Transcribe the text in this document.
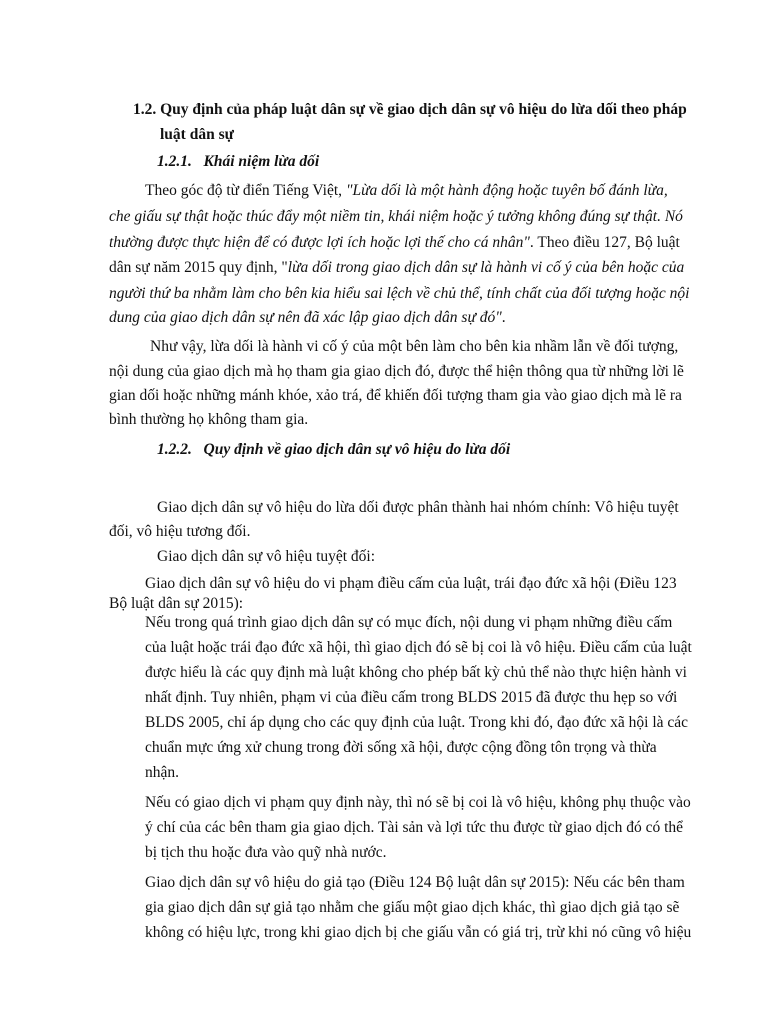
1.2. Quy định của pháp luật dân sự về giao dịch dân sự vô hiệu do lừa dối theo pháp
luật dân sự
1.2.1. Khái niệm lừa dối
Theo góc độ từ điển Tiếng Việt, "Lừa dối là một hành động hoặc tuyên bố đánh lừa,
che giấu sự thật hoặc thúc đẩy một niềm tin, khái niệm hoặc ý tưởng không đúng sự thật. Nó
thường được thực hiện để có được lợi ích hoặc lợi thế cho cá nhân". Theo điều 127, Bộ luật
dân sự năm 2015 quy định, "lừa dối trong giao dịch dân sự là hành vi cố ý của bên hoặc của
người thứ ba nhằm làm cho bên kia hiểu sai lệch về chủ thể, tính chất của đối tượng hoặc nội
dung của giao dịch dân sự nên đã xác lập giao dịch dân sự đó".
Như vậy, lừa dối là hành vi cố ý của một bên làm cho bên kia nhầm lẫn về đối tượng,
nội dung của giao dịch mà họ tham gia giao dịch đó, được thể hiện thông qua từ những lời lẽ
gian dối hoặc những mánh khóe, xảo trá, để khiến đối tượng tham gia vào giao dịch mà lẽ ra
bình thường họ không tham gia.
1.2.2. Quy định về giao dịch dân sự vô hiệu do lừa dối
Giao dịch dân sự vô hiệu do lừa dối được phân thành hai nhóm chính: Vô hiệu tuyệt
đối, vô hiệu tương đối.
Giao dịch dân sự vô hiệu tuyệt đối:
Giao dịch dân sự vô hiệu do vi phạm điều cấm của luật, trái đạo đức xã hội (Điều 123
Bộ luật dân sự 2015):
Nếu trong quá trình giao dịch dân sự có mục đích, nội dung vi phạm những điều cấm
của luật hoặc trái đạo đức xã hội, thì giao dịch đó sẽ bị coi là vô hiệu. Điều cấm của luật
được hiểu là các quy định mà luật không cho phép bất kỳ chủ thể nào thực hiện hành vi
nhất định. Tuy nhiên, phạm vi của điều cấm trong BLDS 2015 đã được thu hẹp so với
BLDS 2005, chỉ áp dụng cho các quy định của luật. Trong khi đó, đạo đức xã hội là các
chuẩn mực ứng xử chung trong đời sống xã hội, được cộng đồng tôn trọng và thừa
nhận.
Nếu có giao dịch vi phạm quy định này, thì nó sẽ bị coi là vô hiệu, không phụ thuộc vào
ý chí của các bên tham gia giao dịch. Tài sản và lợi tức thu được từ giao dịch đó có thể
bị tịch thu hoặc đưa vào quỹ nhà nước.
Giao dịch dân sự vô hiệu do giả tạo (Điều 124 Bộ luật dân sự 2015): Nếu các bên tham
gia giao dịch dân sự giả tạo nhằm che giấu một giao dịch khác, thì giao dịch giả tạo sẽ
không có hiệu lực, trong khi giao dịch bị che giấu vẫn có giá trị, trừ khi nó cũng vô hiệu
